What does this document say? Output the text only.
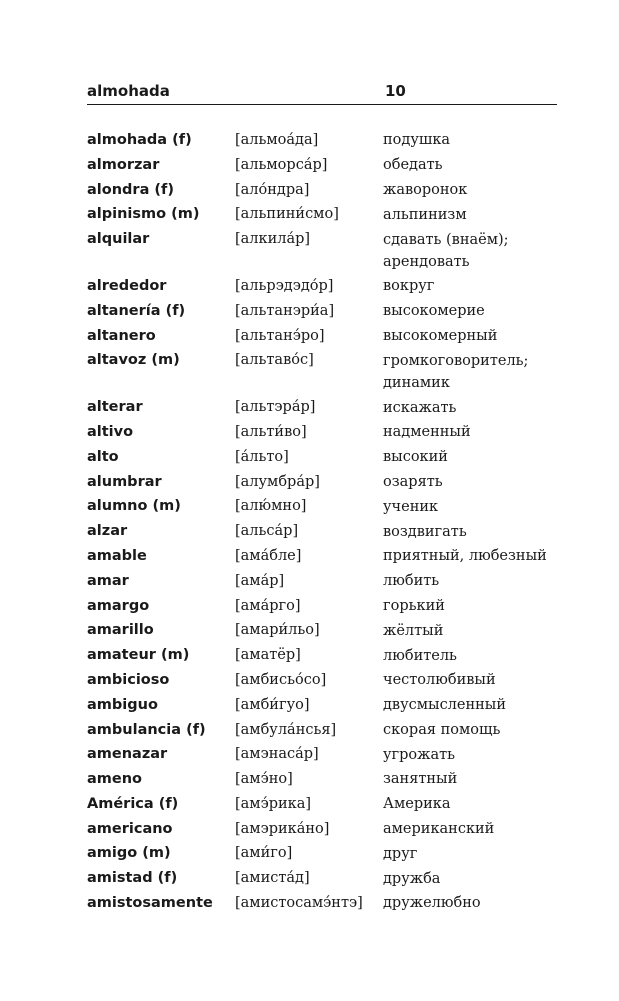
almohada	10
almohada (f)	[альмоа́да]	подушка
almorzar	[альморса́р]	обедать
alondra (f)	[ало́ндра]	жаворонок
alpinismo (m)	[альпини́смо]	альпинизм
alquilar	[алкила́р]	сдавать (внаём); арендовать
alrededor	[альрэдэдо́р]	вокруг
altanería (f)	[альтанэри́а]	высокомерие
altanero	[альтанэ́ро]	высокомерный
altavoz (m)	[альтаво́с]	громкоговоритель; динамик
alterar	[альтэра́р]	искажать
altivo	[альти́во]	надменный
alto	[а́льто]	высокий
alumbrar	[алумбра́р]	озарять
alumno (m)	[алю́мно]	ученик
alzar	[альса́р]	воздвигать
amable	[ама́бле]	приятный, любезный
amar	[ама́р]	любить
amargo	[ама́рго]	горький
amarillo	[амари́льо]	жёлтый
amateur (m)	[аматёр]	любитель
ambicioso	[амбисьо́со]	честолюбивый
ambiguo	[амби́гуо]	двусмысленный
ambulancia (f)	[амбула́нсья]	скорая помощь
amenazar	[амэнаса́р]	угрожать
ameno	[амэ́но]	занятный
América (f)	[амэ́рика]	Америка
americano	[амэрика́но]	американский
amigo (m)	[ами́го]	друг
amistad (f)	[амиста́д]	дружба
amistosamente	[амистосамэ́нтэ]	дружелюбно
